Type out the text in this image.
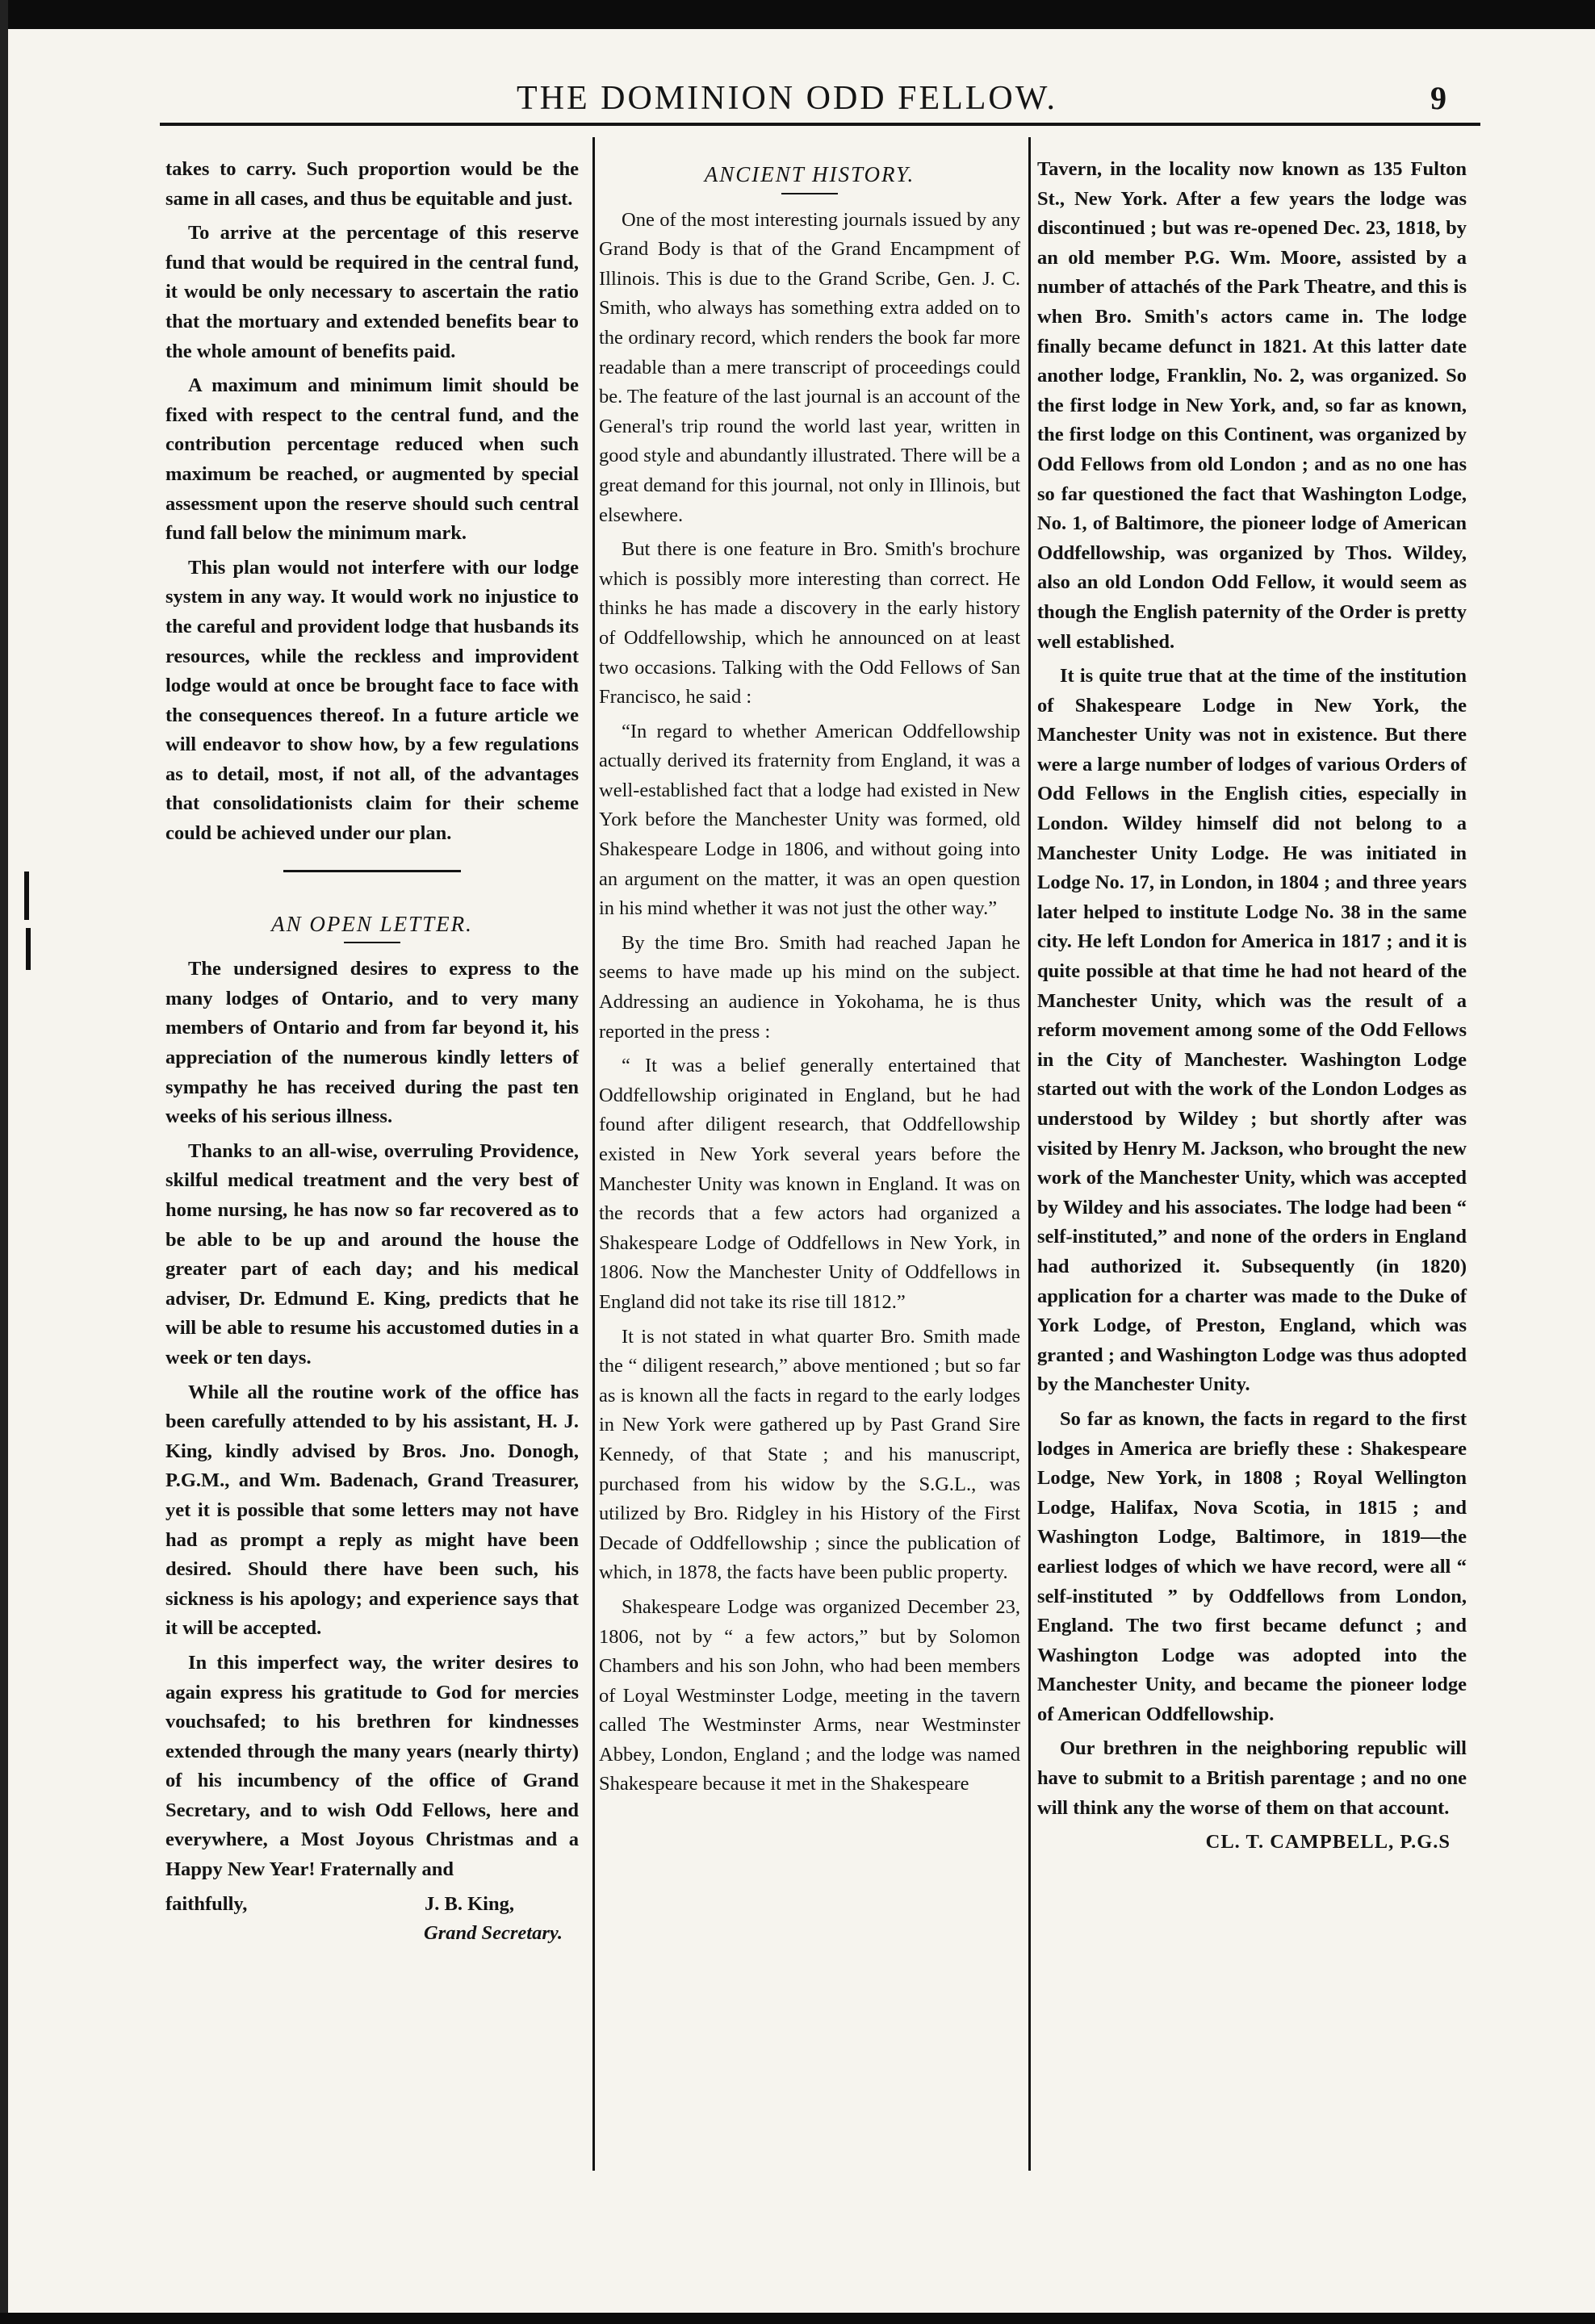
THE DOMINION ODD FELLOW.	9

takes to carry. Such proportion would be the same in all cases, and thus be equitable and just.

To arrive at the percentage of this reserve fund that would be required in the central fund, it would be only necessary to ascertain the ratio that the mortuary and extended benefits bear to the whole amount of benefits paid.

A maximum and minimum limit should be fixed with respect to the central fund, and the contribution percentage reduced when such maximum be reached, or augmented by special assessment upon the reserve should such central fund fall below the minimum mark.

This plan would not interfere with our lodge system in any way. It would work no injustice to the careful and provident lodge that husbands its resources, while the reckless and improvident lodge would at once be brought face to face with the consequences thereof. In a future article we will endeavor to show how, by a few regulations as to detail, most, if not all, of the advantages that consolidationists claim for their scheme could be achieved under our plan.

AN OPEN LETTER.

The undersigned desires to express to the many lodges of Ontario, and to very many members of Ontario and from far beyond it, his appreciation of the numerous kindly letters of sympathy he has received during the past ten weeks of his serious illness.

Thanks to an all-wise, overruling Providence, skilful medical treatment and the very best of home nursing, he has now so far recovered as to be able to be up and around the house the greater part of each day; and his medical adviser, Dr. Edmund E. King, predicts that he will be able to resume his accustomed duties in a week or ten days.

While all the routine work of the office has been carefully attended to by his assistant, H. J. King, kindly advised by Bros. Jno. Donogh, P.G.M., and Wm. Badenach, Grand Treasurer, yet it is possible that some letters may not have had as prompt a reply as might have been desired. Should there have been such, his sickness is his apology; and experience says that it will be accepted.

In this imperfect way, the writer desires to again express his gratitude to God for mercies vouchsafed; to his brethren for kindnesses extended through the many years (nearly thirty) of his incumbency of the office of Grand Secretary, and to wish Odd Fellows, here and everywhere, a Most Joyous Christmas and a Happy New Year! Fraternally and

faithfully,	J. B. King,
Grand Secretary.
ANCIENT HISTORY.

One of the most interesting journals issued by any Grand Body is that of the Grand Encampment of Illinois. This is due to the Grand Scribe, Gen. J. C. Smith, who always has something extra added on to the ordinary record, which renders the book far more readable than a mere transcript of proceedings could be. The feature of the last journal is an account of the General's trip round the world last year, written in good style and abundantly illustrated. There will be a great demand for this journal, not only in Illinois, but elsewhere.

But there is one feature in Bro. Smith's brochure which is possibly more interesting than correct. He thinks he has made a discovery in the early history of Oddfellowship, which he announced on at least two occasions. Talking with the Odd Fellows of San Francisco, he said :

“In regard to whether American Oddfellowship actually derived its fraternity from England, it was a well-established fact that a lodge had existed in New York before the Manchester Unity was formed, old Shakespeare Lodge in 1806, and without going into an argument on the matter, it was an open question in his mind whether it was not just the other way.”

By the time Bro. Smith had reached Japan he seems to have made up his mind on the subject. Addressing an audience in Yokohama, he is thus reported in the press :

“ It was a belief generally entertained that Oddfellowship originated in England, but he had found after diligent research, that Oddfellowship existed in New York several years before the Manchester Unity was known in England. It was on the records that a few actors had organized a Shakespeare Lodge of Oddfellows in New York, in 1806. Now the Manchester Unity of Oddfellows in England did not take its rise till 1812.”

It is not stated in what quarter Bro. Smith made the “ diligent research,” above mentioned ; but so far as is known all the facts in regard to the early lodges in New York were gathered up by Past Grand Sire Kennedy, of that State ; and his manuscript, purchased from his widow by the S.G.L., was utilized by Bro. Ridgley in his History of the First Decade of Oddfellowship ; since the publication of which, in 1878, the facts have been public property.

Shakespeare Lodge was organized December 23, 1806, not by “ a few actors,” but by Solomon Chambers and his son John, who had been members of Loyal Westminster Lodge, meeting in the tavern called The Westminster Arms, near Westminster Abbey, London, England ; and the lodge was named Shakespeare because it met in the Shakespeare

Tavern, in the locality now known as 135 Fulton St., New York. After a few years the lodge was discontinued ; but was re-opened Dec. 23, 1818, by an old member P.G. Wm. Moore, assisted by a number of attachés of the Park Theatre, and this is when Bro. Smith's actors came in. The lodge finally became defunct in 1821. At this latter date another lodge, Franklin, No. 2, was organized. So the first lodge in New York, and, so far as known, the first lodge on this Continent, was organized by Odd Fellows from old London ; and as no one has so far questioned the fact that Washington Lodge, No. 1, of Baltimore, the pioneer lodge of American Oddfellowship, was organized by Thos. Wildey, also an old London Odd Fellow, it would seem as though the English paternity of the Order is pretty well established.

It is quite true that at the time of the institution of Shakespeare Lodge in New York, the Manchester Unity was not in existence. But there were a large number of lodges of various Orders of Odd Fellows in the English cities, especially in London. Wildey himself did not belong to a Manchester Unity Lodge. He was initiated in Lodge No. 17, in London, in 1804 ; and three years later helped to institute Lodge No. 38 in the same city. He left London for America in 1817 ; and it is quite possible at that time he had not heard of the Manchester Unity, which was the result of a reform movement among some of the Odd Fellows in the City of Manchester. Washington Lodge started out with the work of the London Lodges as understood by Wildey ; but shortly after was visited by Henry M. Jackson, who brought the new work of the Manchester Unity, which was accepted by Wildey and his associates. The lodge had been “ self-instituted,” and none of the orders in England had authorized it. Subsequently (in 1820) application for a charter was made to the Duke of York Lodge, of Preston, England, which was granted ; and Washington Lodge was thus adopted by the Manchester Unity.

So far as known, the facts in regard to the first lodges in America are briefly these : Shakespeare Lodge, New York, in 1808 ; Royal Wellington Lodge, Halifax, Nova Scotia, in 1815 ; and Washington Lodge, Baltimore, in 1819—the earliest lodges of which we have record, were all “ self-instituted ” by Oddfellows from London, England. The two first became defunct ; and Washington Lodge was adopted into the Manchester Unity, and became the pioneer lodge of American Oddfellowship.

Our brethren in the neighboring republic will have to submit to a British parentage ; and no one will think any the worse of them on that account.

CL. T. CAMPBELL, P.G.S
